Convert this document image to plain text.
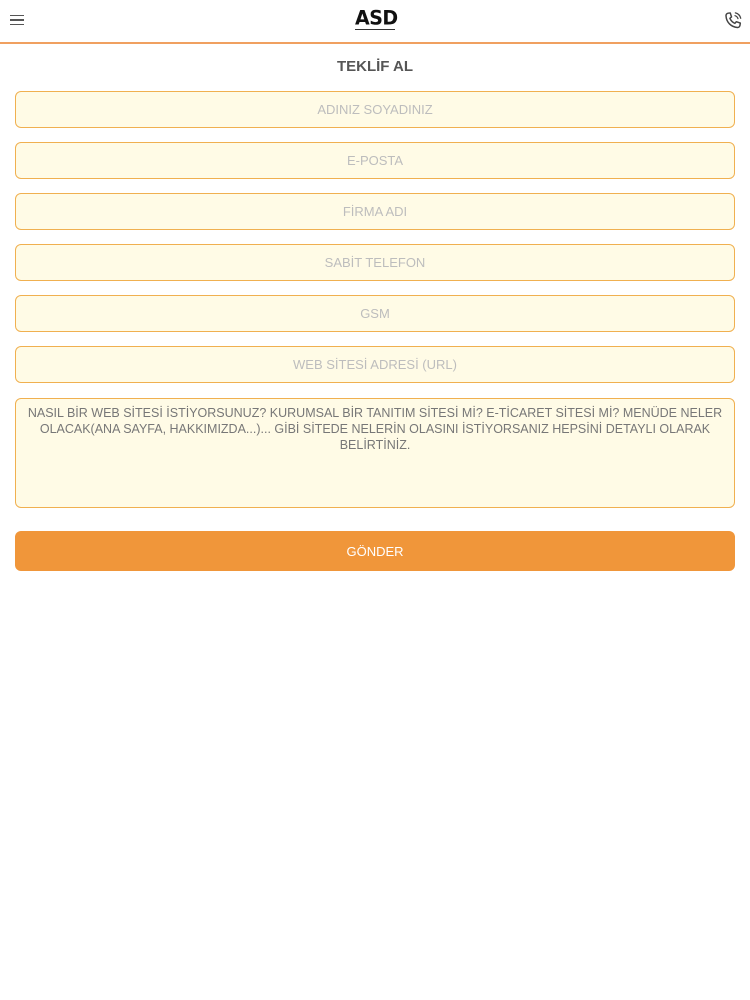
ASD
TEKLİF AL
ADINIZ SOYADINIZ
E-POSTA
FİRMA ADI
SABİT TELEFON
GSM
WEB SİTESİ ADRESİ (URL)
NASIL BİR WEB SİTESİ İSTİYORSUNUZ? KURUMSAL BİR TANITIM SİTESİ Mİ? E-TİCARET SİTESİ Mİ? MENÜDE NELER OLACAK(ANA SAYFA, HAKKIMIZDA...)... GİBİ SİTEDE NELERİN OLASINI İSTİYORSANIZ HEPSİNİ DETAYLI OLARAK BELİRTİNİZ.
GÖNDER
